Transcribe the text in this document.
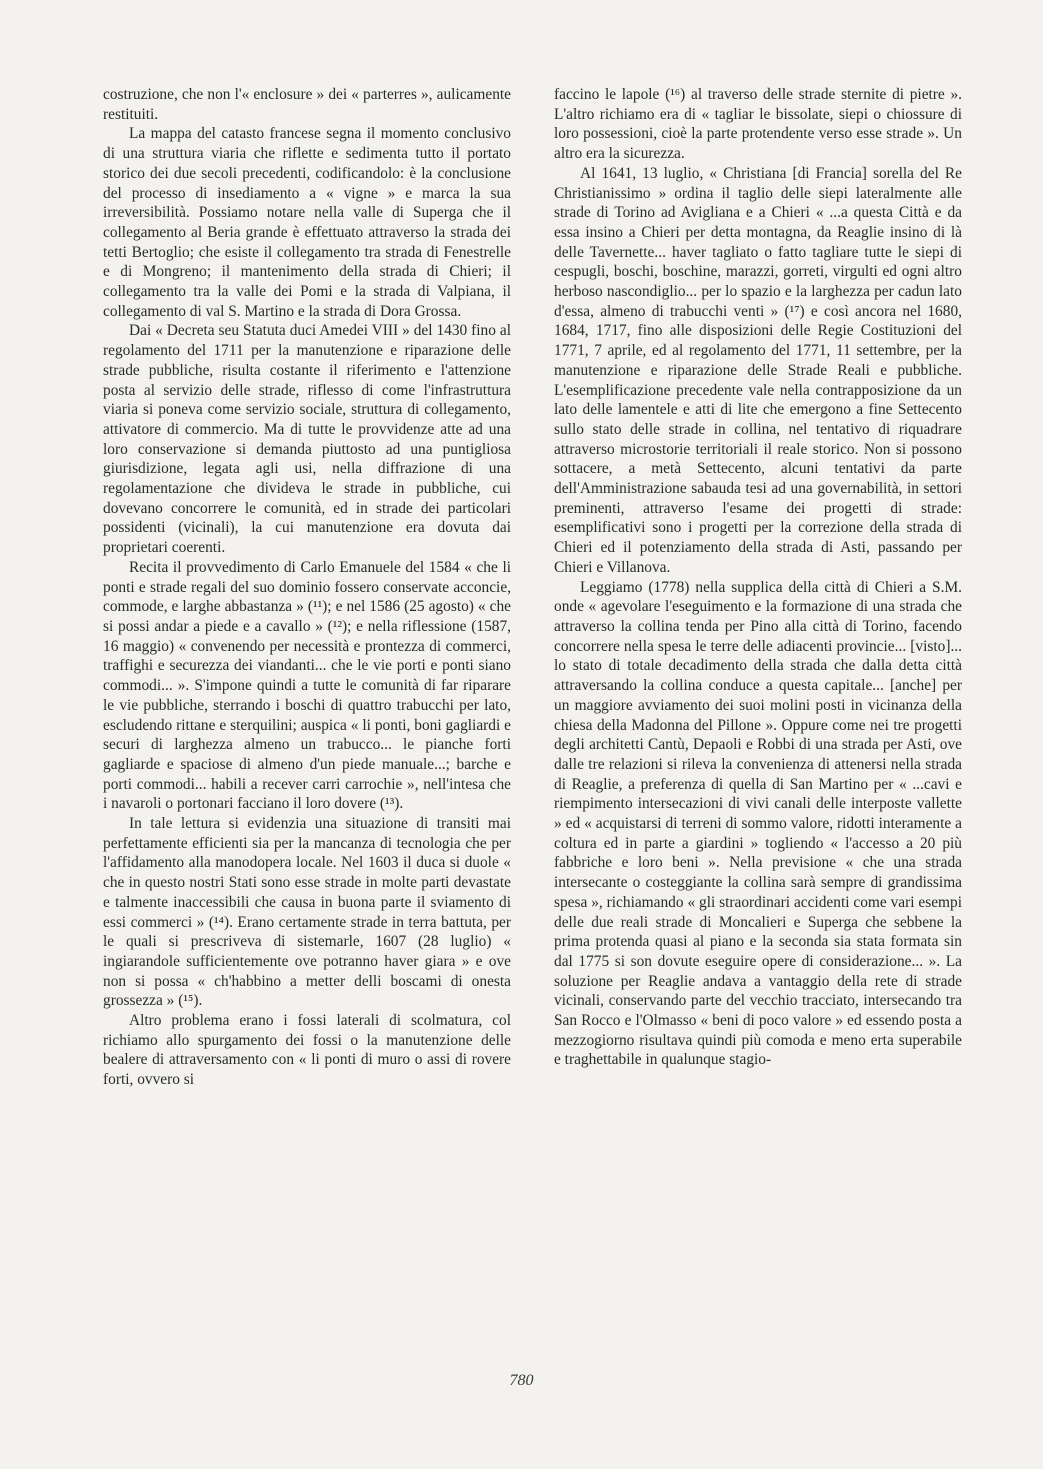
costruzione, che non l'« enclosure » dei « parterres », aulicamente restituiti.

La mappa del catasto francese segna il momento conclusivo di una struttura viaria che riflette e sedimenta tutto il portato storico dei due secoli precedenti, codificandolo: è la conclusione del processo di insediamento a « vigne » e marca la sua irreversibilità. Possiamo notare nella valle di Superga che il collegamento al Beria grande è effettuato attraverso la strada dei tetti Bertoglio; che esiste il collegamento tra strada di Fenestrelle e di Mongreno; il mantenimento della strada di Chieri; il collegamento tra la valle dei Pomi e la strada di Valpiana, il collegamento di val S. Martino e la strada di Dora Grossa.

Dai « Decreta seu Statuta duci Amedei VIII » del 1430 fino al regolamento del 1711 per la manutenzione e riparazione delle strade pubbliche, risulta costante il riferimento e l'attenzione posta al servizio delle strade, riflesso di come l'infrastruttura viaria si poneva come servizio sociale, struttura di collegamento, attivatore di commercio. Ma di tutte le provvidenze atte ad una loro conservazione si demanda piuttosto ad una puntigliosa giurisdizione, legata agli usi, nella diffrazione di una regolamentazione che divideva le strade in pubbliche, cui dovevano concorrere le comunità, ed in strade dei particolari possidenti (vicinali), la cui manutenzione era dovuta dai proprietari coerenti.

Recita il provvedimento di Carlo Emanuele del 1584 « che li ponti e strade regali del suo dominio fossero conservate acconcie, commode, e larghe abbastanza » (¹¹); e nel 1586 (25 agosto) « che si possi andar a piede e a cavallo » (¹²); e nella riflessione (1587, 16 maggio) « convenendo per necessità e prontezza di commerci, traffighi e securezza dei viandanti... che le vie porti e ponti siano commodi... ». S'impone quindi a tutte le comunità di far riparare le vie pubbliche, sterrando i boschi di quattro trabucchi per lato, escludendo rittane e sterquilini; auspica « li ponti, boni gagliardi e securi di larghezza almeno un trabucco... le pianche forti gagliarde e spaciose di almeno d'un piede manuale...; barche e porti commodi... habili a recever carri carrochie », nell'intesa che i navaroli o portonari facciano il loro dovere (¹³).

In tale lettura si evidenzia una situazione di transiti mai perfettamente efficienti sia per la mancanza di tecnologia che per l'affidamento alla manodopera locale. Nel 1603 il duca si duole « che in questo nostri Stati sono esse strade in molte parti devastate e talmente inaccessibili che causa in buona parte il sviamento di essi commerci » (¹⁴). Erano certamente strade in terra battuta, per le quali si prescriveva di sistemarle, 1607 (28 luglio) « ingiarandole sufficientemente ove potranno haver giara » e ove non si possa « ch'habbino a metter delli boscami di onesta grossezza » (¹⁵).

Altro problema erano i fossi laterali di scolmatura, col richiamo allo spurgamento dei fossi o la manutenzione delle bealere di attraversamento con « li ponti di muro o assi di rovere forti, ovvero si

faccino le lapole (¹⁶) al traverso delle strade sternite di pietre ». L'altro richiamo era di « tagliar le bissolate, siepi o chiossure di loro possessioni, cioè la parte protendente verso esse strade ». Un altro era la sicurezza.

Al 1641, 13 luglio, « Christiana [di Francia] sorella del Re Christianissimo » ordina il taglio delle siepi lateralmente alle strade di Torino ad Avigliana e a Chieri « ...a questa Città e da essa insino a Chieri per detta montagna, da Reaglie insino di là delle Tavernette... haver tagliato o fatto tagliare tutte le siepi di cespugli, boschi, boschine, marazzi, gorreti, virgulti ed ogni altro herboso nascondiglio... per lo spazio e la larghezza per cadun lato d'essa, almeno di trabucchi venti » (¹⁷) e così ancora nel 1680, 1684, 1717, fino alle disposizioni delle Regie Costituzioni del 1771, 7 aprile, ed al regolamento del 1771, 11 settembre, per la manutenzione e riparazione delle Strade Reali e pubbliche. L'esemplificazione precedente vale nella contrapposizione da un lato delle lamentele e atti di lite che emergono a fine Settecento sullo stato delle strade in collina, nel tentativo di riquadrare attraverso microstorie territoriali il reale storico. Non si possono sottacere, a metà Settecento, alcuni tentativi da parte dell'Amministrazione sabauda tesi ad una governabilità, in settori preminenti, attraverso l'esame dei progetti di strade: esemplificativi sono i progetti per la correzione della strada di Chieri ed il potenziamento della strada di Asti, passando per Chieri e Villanova.

Leggiamo (1778) nella supplica della città di Chieri a S.M. onde « agevolare l'eseguimento e la formazione di una strada che attraverso la collina tenda per Pino alla città di Torino, facendo concorrere nella spesa le terre delle adiacenti provincie... [visto]... lo stato di totale decadimento della strada che dalla detta città attraversando la collina conduce a questa capitale... [anche] per un maggiore avviamento dei suoi molini posti in vicinanza della chiesa della Madonna del Pillone ». Oppure come nei tre progetti degli architetti Cantù, Depaoli e Robbi di una strada per Asti, ove dalle tre relazioni si rileva la convenienza di attenersi nella strada di Reaglie, a preferenza di quella di San Martino per « ...cavi e riempimento intersecazioni di vivi canali delle interposte vallette » ed « acquistarsi di terreni di sommo valore, ridotti interamente a coltura ed in parte a giardini » togliendo « l'accesso a 20 più fabbriche e loro beni ». Nella previsione « che una strada intersecante o costeggiante la collina sarà sempre di grandissima spesa », richiamando « gli straordinari accidenti come vari esempi delle due reali strade di Moncalieri e Superga che sebbene la prima protenda quasi al piano e la seconda sia stata formata sin dal 1775 si son dovute eseguire opere di considerazione... ». La soluzione per Reaglie andava a vantaggio della rete di strade vicinali, conservando parte del vecchio tracciato, intersecando tra San Rocco e l'Olmasso « beni di poco valore » ed essendo posta a mezzogiorno risultava quindi più comoda e meno erta superabile e traghettabile in qualunque stagio-

780
